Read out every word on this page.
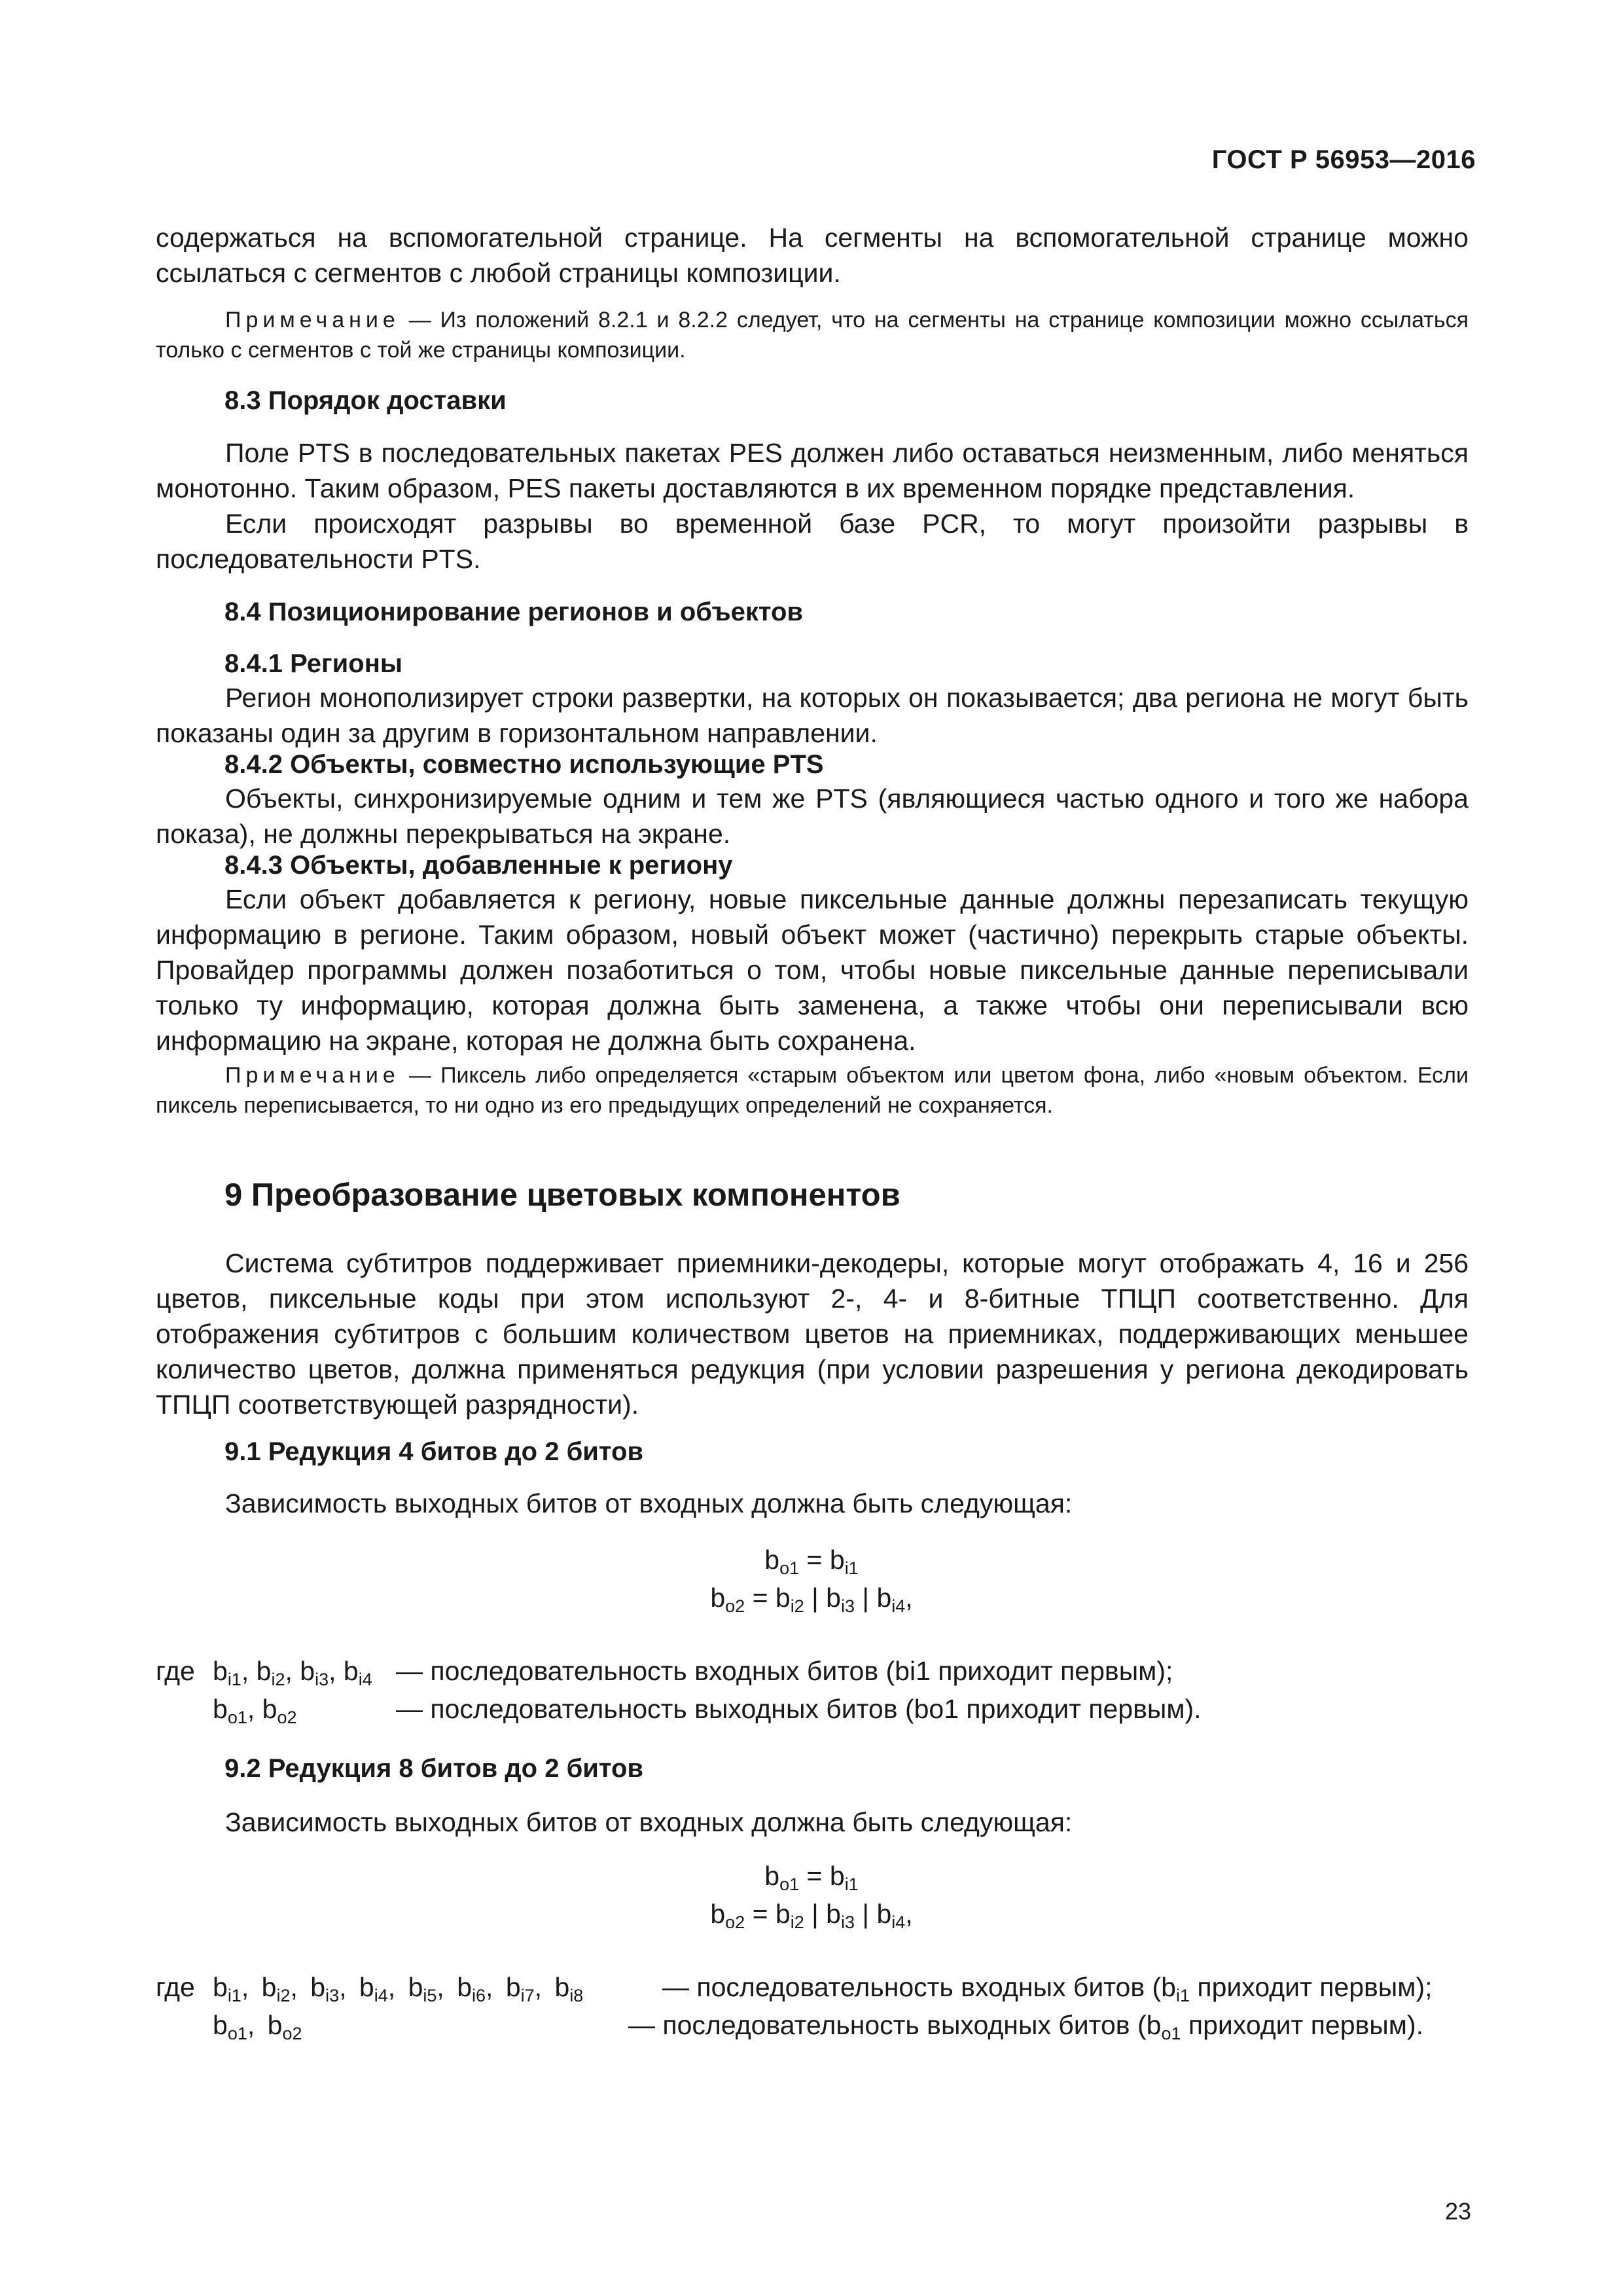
ГОСТ Р 56953—2016

содержаться на вспомогательной странице. На сегменты на вспомогательной странице можно ссылаться с сегментов с любой страницы композиции.

Примечание — Из положений 8.2.1 и 8.2.2 следует, что на сегменты на странице композиции можно ссылаться только с сегментов с той же страницы композиции.

8.3 Порядок доставки

Поле PTS в последовательных пакетах PES должен либо оставаться неизменным, либо меняться монотонно. Таким образом, PES пакеты доставляются в их временном порядке представления.

Если происходят разрывы во временной базе PCR, то могут произойти разрывы в последовательности PTS.

8.4 Позиционирование регионов и объектов
8.4.1 Регионы

Регион монополизирует строки развертки, на которых он показывается; два региона не могут быть показаны один за другим в горизонтальном направлении.

8.4.2 Объекты, совместно использующие PTS

Объекты, синхронизируемые одним и тем же PTS (являющиеся частью одного и того же набора показа), не должны перекрываться на экране.

8.4.3 Объекты, добавленные к региону

Если объект добавляется к региону, новые пиксельные данные должны перезаписать текущую информацию в регионе. Таким образом, новый объект может (частично) перекрыть старые объекты. Провайдер программы должен позаботиться о том, чтобы новые пиксельные данные переписывали только ту информацию, которая должна быть заменена, а также чтобы они переписывали всю информацию на экране, которая не должна быть сохранена.

Примечание — Пиксель либо определяется «старым объектом или цветом фона, либо «новым объектом. Если пиксель переписывается, то ни одно из его предыдущих определений не сохраняется.

9 Преобразование цветовых компонентов

Система субтитров поддерживает приемники-декодеры, которые могут отображать 4, 16 и 256 цветов, пиксельные коды при этом используют 2-, 4- и 8-битные ТПЦП соответственно. Для отображения субтитров с большим количеством цветов на приемниках, поддерживающих меньшее количество цветов, должна применяться редукция (при условии разрешения у региона декодировать ТПЦП соответствующей разрядности).

9.1 Редукция 4 битов до 2 битов

Зависимость выходных битов от входных должна быть следующая:

$b_{o1} = b_{i1}$
$b_{o2} = b_{i2}$ | $b_{i3}$ | $b_{i4}$,
где $b_{i1}$, $b_{i2}$, $b_{i3}$, $b_{i4}$ — последовательность входных битов (bi1 приходит первым);
$b_{o1}$, $b_{o2}$	— последовательность выходных битов (bo1 приходит первым).
9.2 Редукция 8 битов до 2 битов

Зависимость выходных битов от входных должна быть следующая:

$b_{o1} = b_{i1}$
$b_{o2} = b_{i2}$ | $b_{i3}$ | $b_{i4}$,
где $b_{i1}$, $b_{i2}$, $b_{i3}$, $b_{i4}$, $b_{i5}$, $b_{i6}$, $b_{i7}$, $b_{i8}$	— последовательность входных битов ($b_{i1}$ приходит первым);
$b_{o1}$, $b_{o2}$	— последовательность выходных битов ($b_{o1}$ приходит первым).
23
